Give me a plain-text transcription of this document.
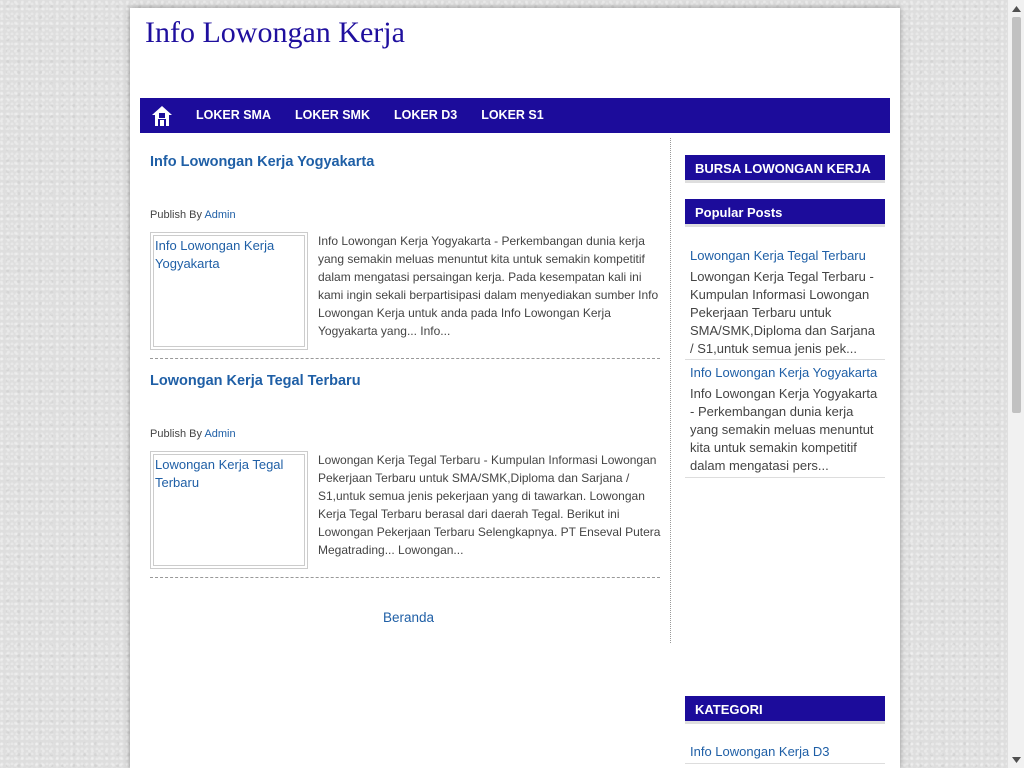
Info Lowongan Kerja
LOKER SMA	LOKER SMK	LOKER D3	LOKER S1
Info Lowongan Kerja Yogyakarta
Publish By Admin
Info Lowongan Kerja Yogyakarta
Info Lowongan Kerja Yogyakarta - Perkembangan dunia kerja yang semakin meluas menuntut kita untuk semakin kompetitif dalam mengatasi persaingan kerja. Pada kesempatan kali ini kami ingin sekali berpartisipasi dalam menyediakan sumber Info Lowongan Kerja untuk anda pada Info Lowongan Kerja Yogyakarta yang... Info...
Lowongan Kerja Tegal Terbaru
Publish By Admin
Lowongan Kerja Tegal Terbaru
Lowongan Kerja Tegal Terbaru - Kumpulan Informasi Lowongan Pekerjaan Terbaru untuk SMA/SMK,Diploma dan Sarjana / S1,untuk semua jenis pekerjaan yang di tawarkan. Lowongan Kerja Tegal Terbaru berasal dari daerah Tegal. Berikut ini Lowongan Pekerjaan Terbaru Selengkapnya. PT Enseval Putera Megatrading... Lowongan...
Beranda
BURSA LOWONGAN KERJA
Popular Posts
Lowongan Kerja Tegal Terbaru
Lowongan Kerja Tegal Terbaru - Kumpulan Informasi Lowongan Pekerjaan Terbaru untuk SMA/SMK,Diploma dan Sarjana / S1,untuk semua jenis pek...
Info Lowongan Kerja Yogyakarta
Info Lowongan Kerja Yogyakarta - Perkembangan dunia kerja yang semakin meluas menuntut kita untuk semakin kompetitif dalam mengatasi pers...
KATEGORI
Info Lowongan Kerja D3
